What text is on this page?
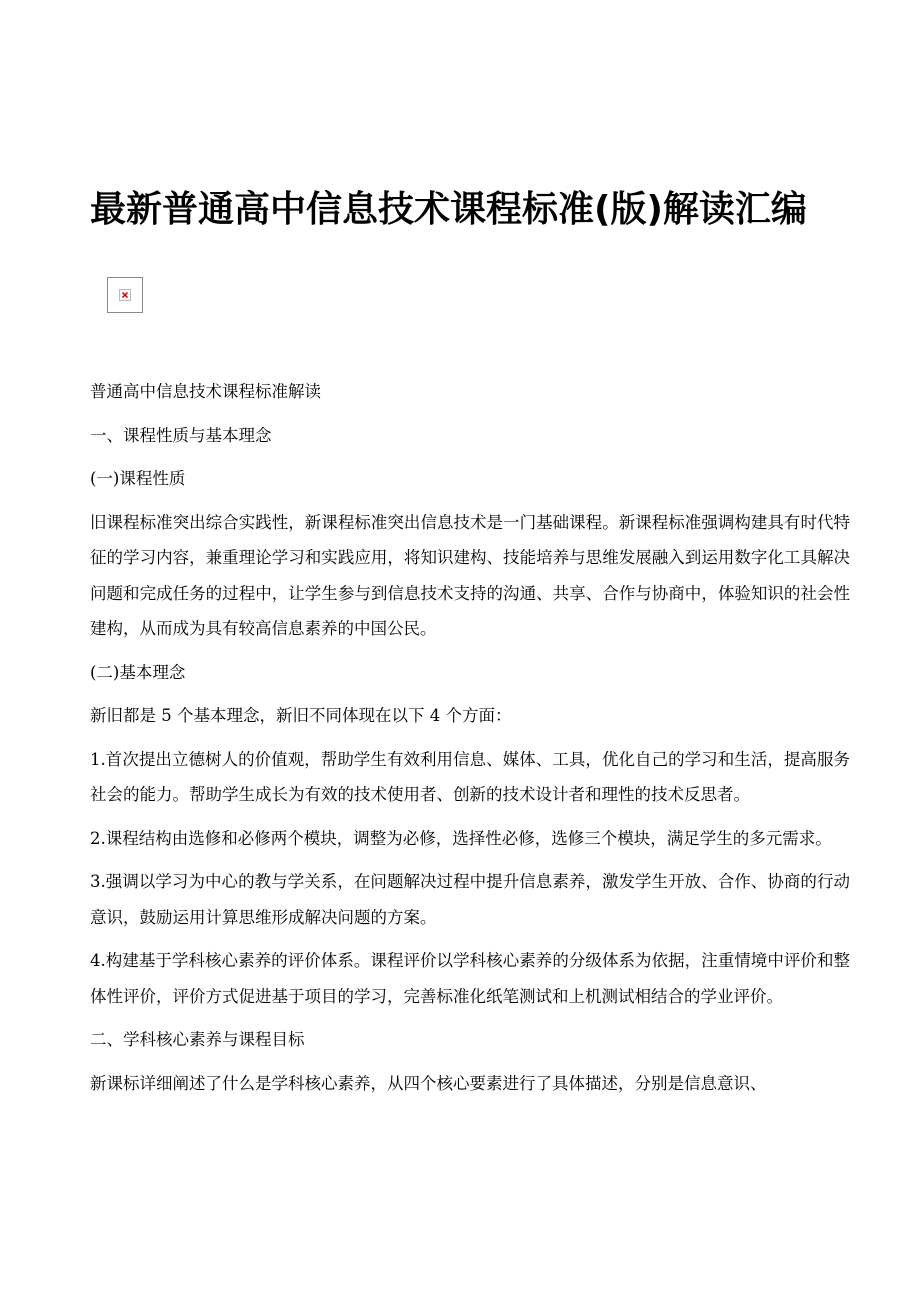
最新普通高中信息技术课程标准(版)解读汇编

普通高中信息技术课程标准解读

一、课程性质与基本理念

(一)课程性质

旧课程标准突出综合实践性，新课程标准突出信息技术是一门基础课程。新课程标准强调构建具有时代特征的学习内容，兼重理论学习和实践应用，将知识建构、技能培养与思维发展融入到运用数字化工具解决问题和完成任务的过程中，让学生参与到信息技术支持的沟通、共享、合作与协商中，体验知识的社会性建构，从而成为具有较高信息素养的中国公民。

(二)基本理念

新旧都是 5 个基本理念，新旧不同体现在以下 4 个方面：

1.首次提出立德树人的价值观，帮助学生有效利用信息、媒体、工具，优化自己的学习和生活，提高服务社会的能力。帮助学生成长为有效的技术使用者、创新的技术设计者和理性的技术反思者。

2.课程结构由选修和必修两个模块，调整为必修，选择性必修，选修三个模块，满足学生的多元需求。

3.强调以学习为中心的教与学关系，在问题解决过程中提升信息素养，激发学生开放、合作、协商的行动意识，鼓励运用计算思维形成解决问题的方案。

4.构建基于学科核心素养的评价体系。课程评价以学科核心素养的分级体系为依据，注重情境中评价和整体性评价，评价方式促进基于项目的学习，完善标准化纸笔测试和上机测试相结合的学业评价。

二、学科核心素养与课程目标

新课标详细阐述了什么是学科核心素养，从四个核心要素进行了具体描述，分别是信息意识、
